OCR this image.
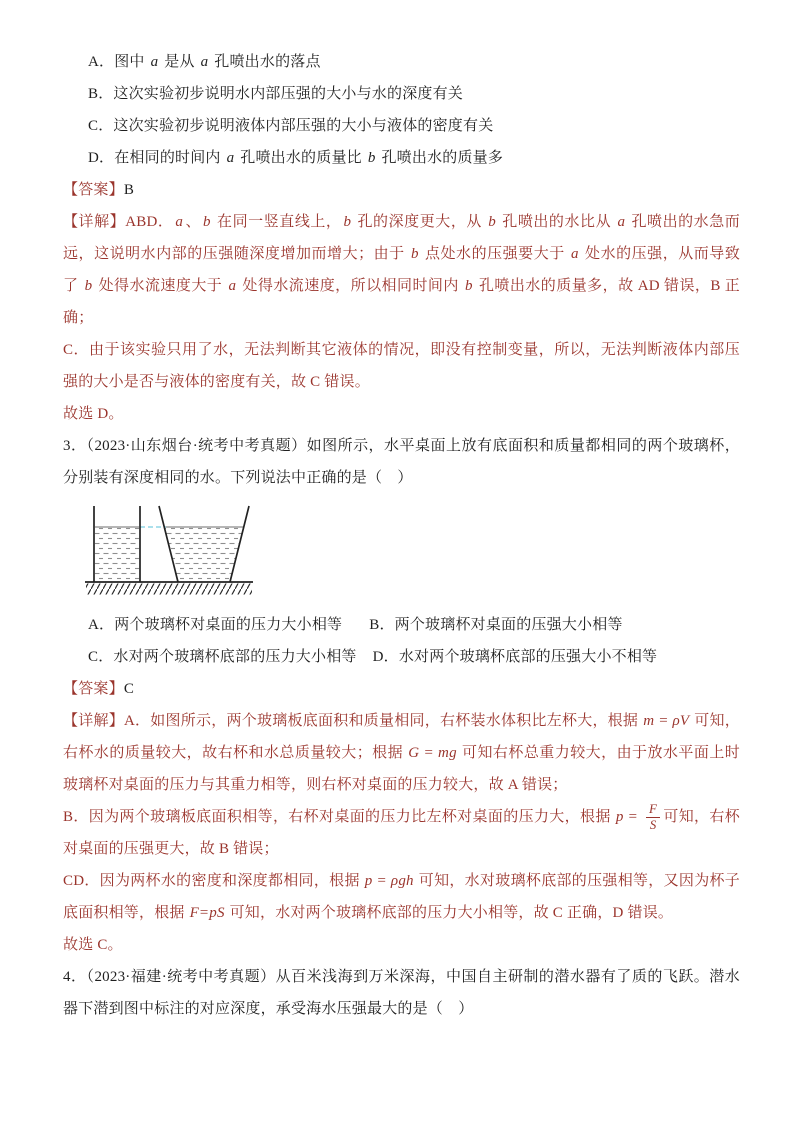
A．图中 a 是从 a 孔喷出水的落点

B．这次实验初步说明水内部压强的大小与水的深度有关

C．这次实验初步说明液体内部压强的大小与液体的密度有关

D．在相同的时间内 a 孔喷出水的质量比 b 孔喷出水的质量多

【答案】B

【详解】ABD． a 、 b 在同一竖直线上， b 孔的深度更大，从 b 孔喷出的水比从 a 孔喷出的水急而远，这说明水内部的压强随深度增加而增大；由于 b 点处水的压强要大于 a 处水的压强，从而导致了 b 处得水流速度大于 a 处得水流速度，所以相同时间内 b 孔喷出水的质量多，故 AD 错误，B 正确；

C．由于该实验只用了水，无法判断其它液体的情况，即没有控制变量，所以，无法判断液体内部压强的大小是否与液体的密度有关，故 C 错误。

故选 D。

3．（2023·山东烟台·统考中考真题）如图所示，水平桌面上放有底面积和质量都相同的两个玻璃杯，分别装有深度相同的水。下列说法中正确的是（　）

A．两个玻璃杯对桌面的压力大小相等 B．两个玻璃杯对桌面的压强大小相等

C．水对两个玻璃杯底部的压力大小相等 D．水对两个玻璃杯底部的压强大小不相等

【答案】C

【详解】A．如图所示，两个玻璃板底面积和质量相同，右杯装水体积比左杯大，根据 m = ρV 可知，右杯水的质量较大，故右杯和水总质量较大；根据 G = mg 可知右杯总重力较大，由于放水平面上时玻璃杯对桌面的压力与其重力相等，则右杯对桌面的压力较大，故 A 错误；

B．因为两个玻璃板底面积相等，右杯对桌面的压力比左杯对桌面的压力大，根据 $p = \frac{F}{S}$ 可知，右杯对桌面的压强更大，故 B 错误；

CD．因为两杯水的密度和深度都相同，根据 p = ρgh 可知，水对玻璃杯底部的压强相等，又因为杯子底面积相等，根据 F=pS 可知，水对两个玻璃杯底部的压力大小相等，故 C 正确，D 错误。

故选 C。

4．（2023·福建·统考中考真题）从百米浅海到万米深海，中国自主研制的潜水器有了质的飞跃。潜水器下潜到图中标注的对应深度，承受海水压强最大的是（　）
